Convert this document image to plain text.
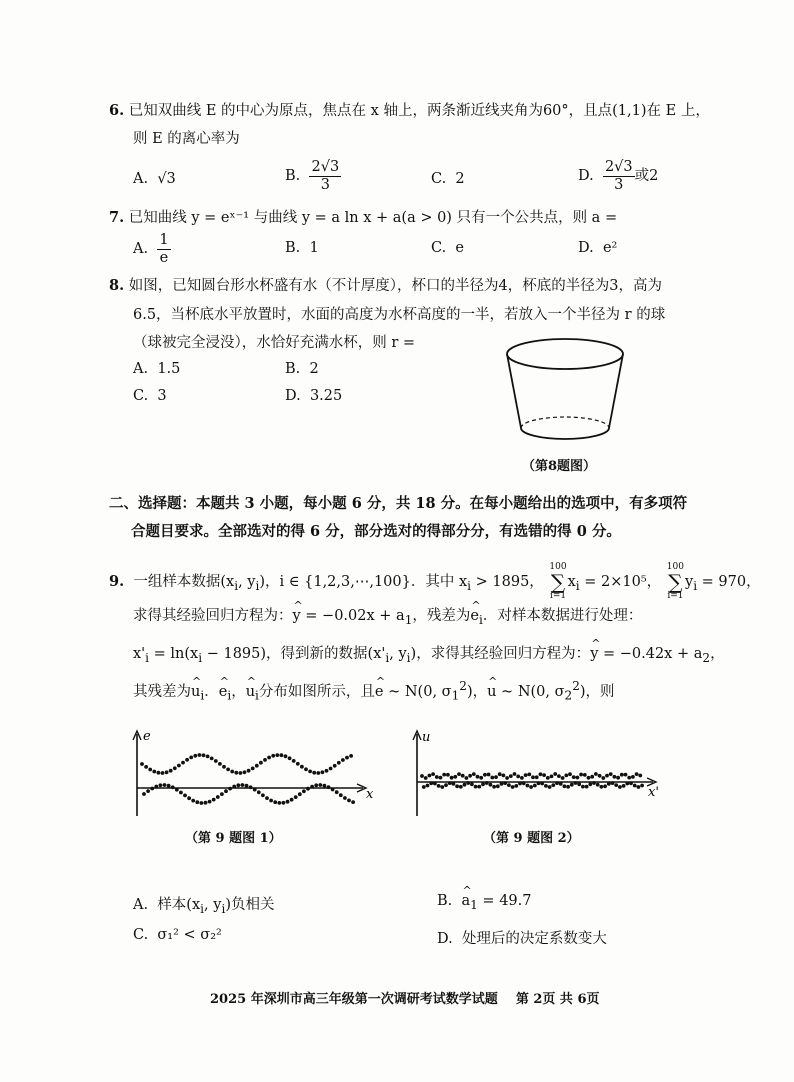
6. 已知双曲线 E 的中心为原点，焦点在 x 轴上，两条渐近线夹角为60°，且点(1,1)在 E 上，
则 E 的离心率为
A. √3	B. $\frac{2√3}{3}$	C. 2	D. $\frac{2√3}{3}$ 或2
7. 已知曲线 y = eˣ⁻¹ 与曲线 y = a ln x + a(a > 0) 只有一个公共点，则 a =
A. $\frac{1}{e}$	B. 1	C. e	D. e²
8. 如图，已知圆台形水杯盛有水（不计厚度），杯口的半径为4，杯底的半径为3，高为
6.5，当杯底水平放置时，水面的高度为水杯高度的一半，若放入一个半径为 r 的球
（球被完全浸没），水恰好充满水杯，则 r =
A. 1.5	B. 2
C. 3	D. 3.25
（第8题图）
二、选择题：本题共 3 小题，每小题 6 分，共 18 分。在每小题给出的选项中，有多项符
合题目要求。全部选对的得 6 分，部分选对的得部分分，有选错的得 0 分。
9. 一组样本数据($x_i$, $y_i$)，i ∈ {1,2,3,⋯,100}．其中 $x_i > 1895$， 100
∑
$i=1x_i = 2\times 10^5$， 100
∑
$i=1y_i = 970$，
求得其经验回归方程为：^ $y = -0.02x + a_1$，残差为^ $e_i$．对样本数据进行处理：
$x'_i = \ln(x_i - 1895)$，得到新的数据($x'_i$, $y_i$)，求得其经验回归方程为：^ $y = -0.42x + a_2$，
其残差为^ $u_i$．^ $e_i$，^ $u_i$分布如图所示，且^ e ~ N(0, $\sigma_1^2$)，^ u ~ N(0, $\sigma_2^2$)，则
e
x
（第 9 题图 1）
u
x'
（第 9 题图 2）
A. 样本($x_i$, $y_i$)负相关	B.  ^ $a_1 = 49.7$
C. σ₁² < σ₂²	D. 处理后的决定系数变大
2025 年深圳市高三年级第一次调研考试数学试题 第 2页 共 6页
